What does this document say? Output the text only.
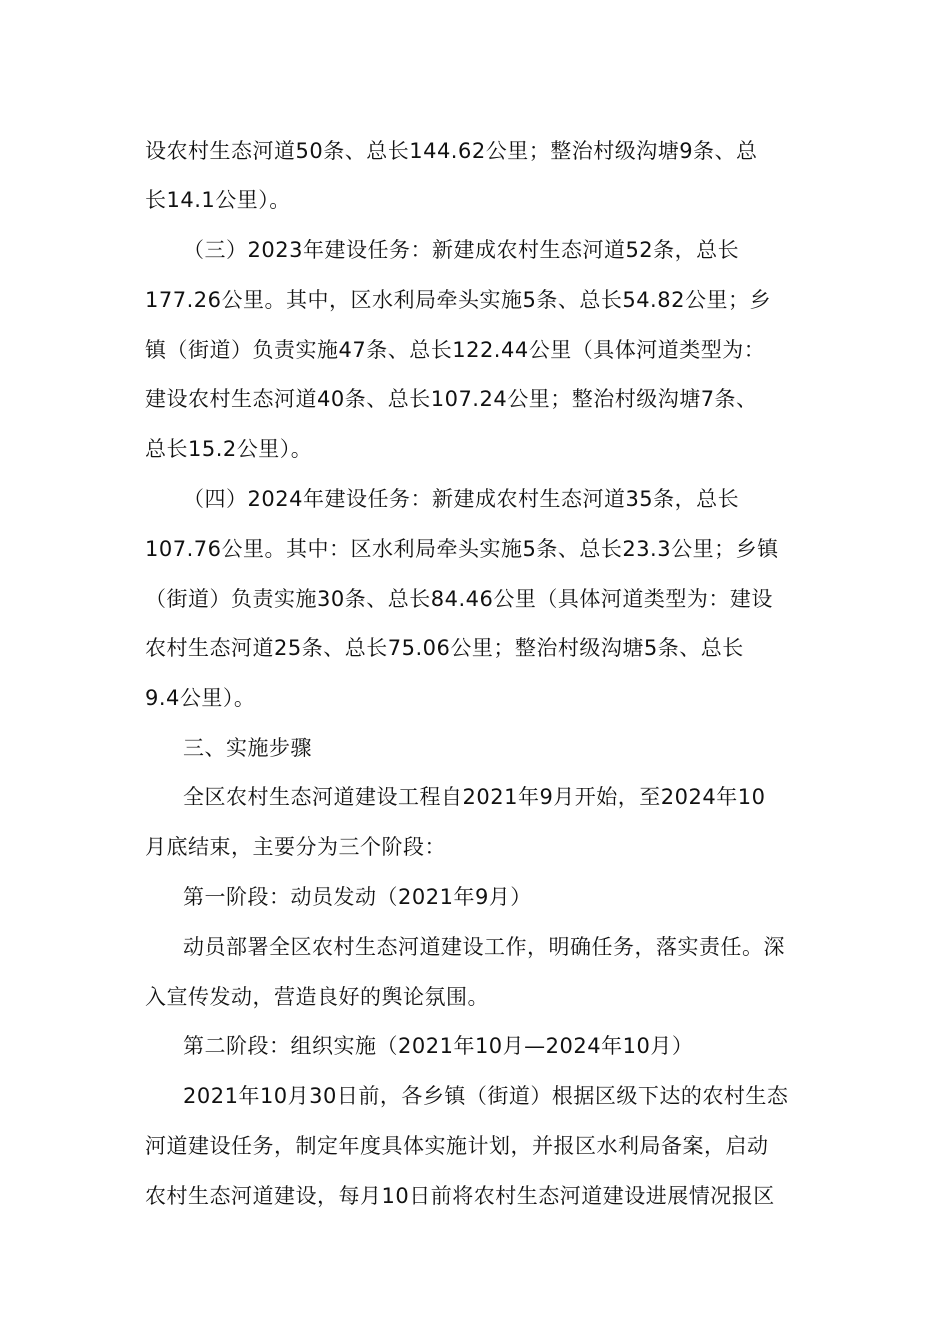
设农村生态河道50条、总长144.62公里；整治村级沟塘9条、总

长14.1公里）。

（三）2023年建设任务：新建成农村生态河道52条，总长

177.26公里。其中，区水利局牵头实施5条、总长54.82公里；乡

镇（街道）负责实施47条、总长122.44公里（具体河道类型为：

建设农村生态河道40条、总长107.24公里；整治村级沟塘7条、

总长15.2公里）。

（四）2024年建设任务：新建成农村生态河道35条，总长

107.76公里。其中：区水利局牵头实施5条、总长23.3公里；乡镇

（街道）负责实施30条、总长84.46公里（具体河道类型为：建设

农村生态河道25条、总长75.06公里；整治村级沟塘5条、总长

9.4公里）。

三、实施步骤

全区农村生态河道建设工程自2021年9月开始，至2024年10

月底结束，主要分为三个阶段：

第一阶段：动员发动（2021年9月）

动员部署全区农村生态河道建设工作，明确任务，落实责任。深

入宣传发动，营造良好的舆论氛围。

第二阶段：组织实施（2021年10月—2024年10月）

2021年10月30日前，各乡镇（街道）根据区级下达的农村生态

河道建设任务，制定年度具体实施计划，并报区水利局备案，启动

农村生态河道建设，每月10日前将农村生态河道建设进展情况报区
